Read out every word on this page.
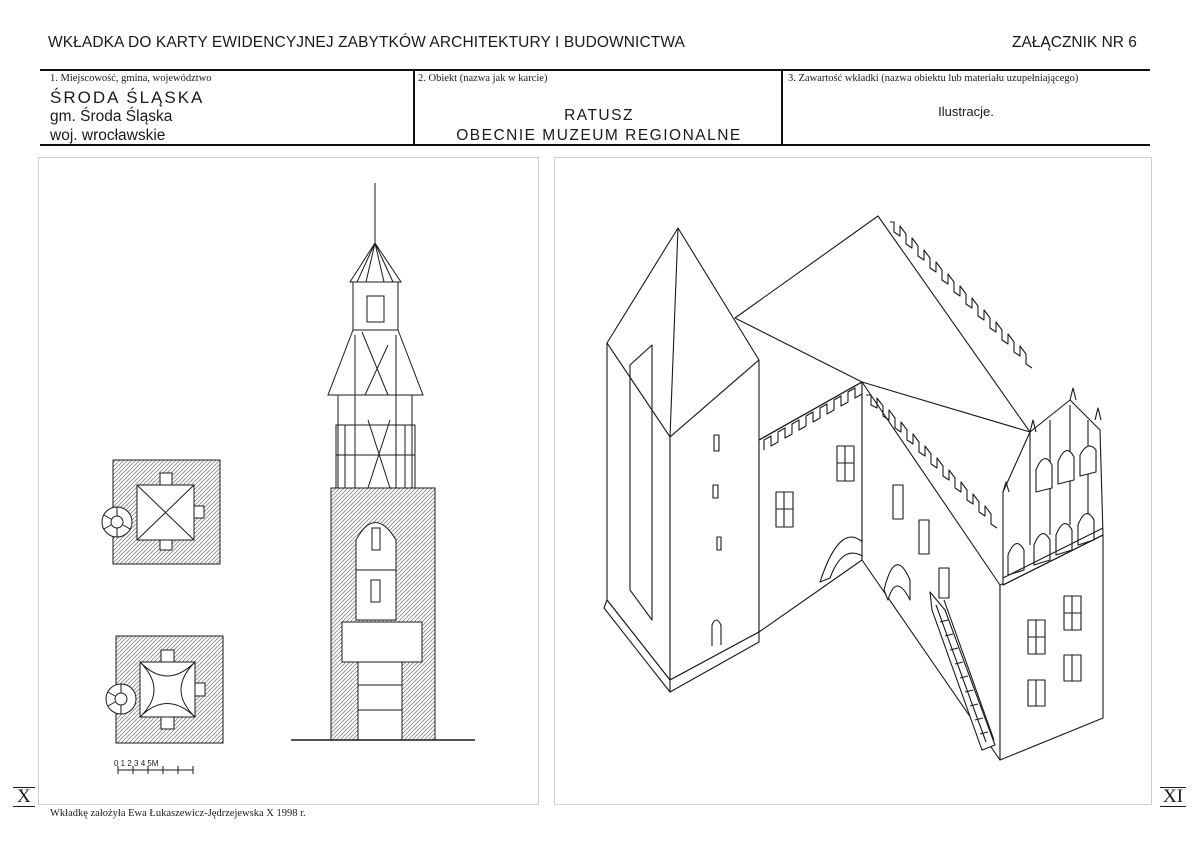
WKŁADKA DO KARTY EWIDENCYJNEJ ZABYTKÓW ARCHITEKTURY I BUDOWNICTWA	ZAŁĄCZNIK NR 6
1. Miejscowość, gmina, województwo
ŚRODA ŚLĄSKA
gm. Środa Śląska
woj. wrocławskie
2. Obiekt (nazwa jak w karcie)
RATUSZ
OBECNIE MUZEUM REGIONALNE
3. Zawartość wkładki (nazwa obiektu lub materiału uzupełniającego)
Ilustracje.
0 1 2 3 4 5M
X
Wkładkę założyła Ewa Łukaszewicz-Jędrzejewska X 1998 r.
XI
